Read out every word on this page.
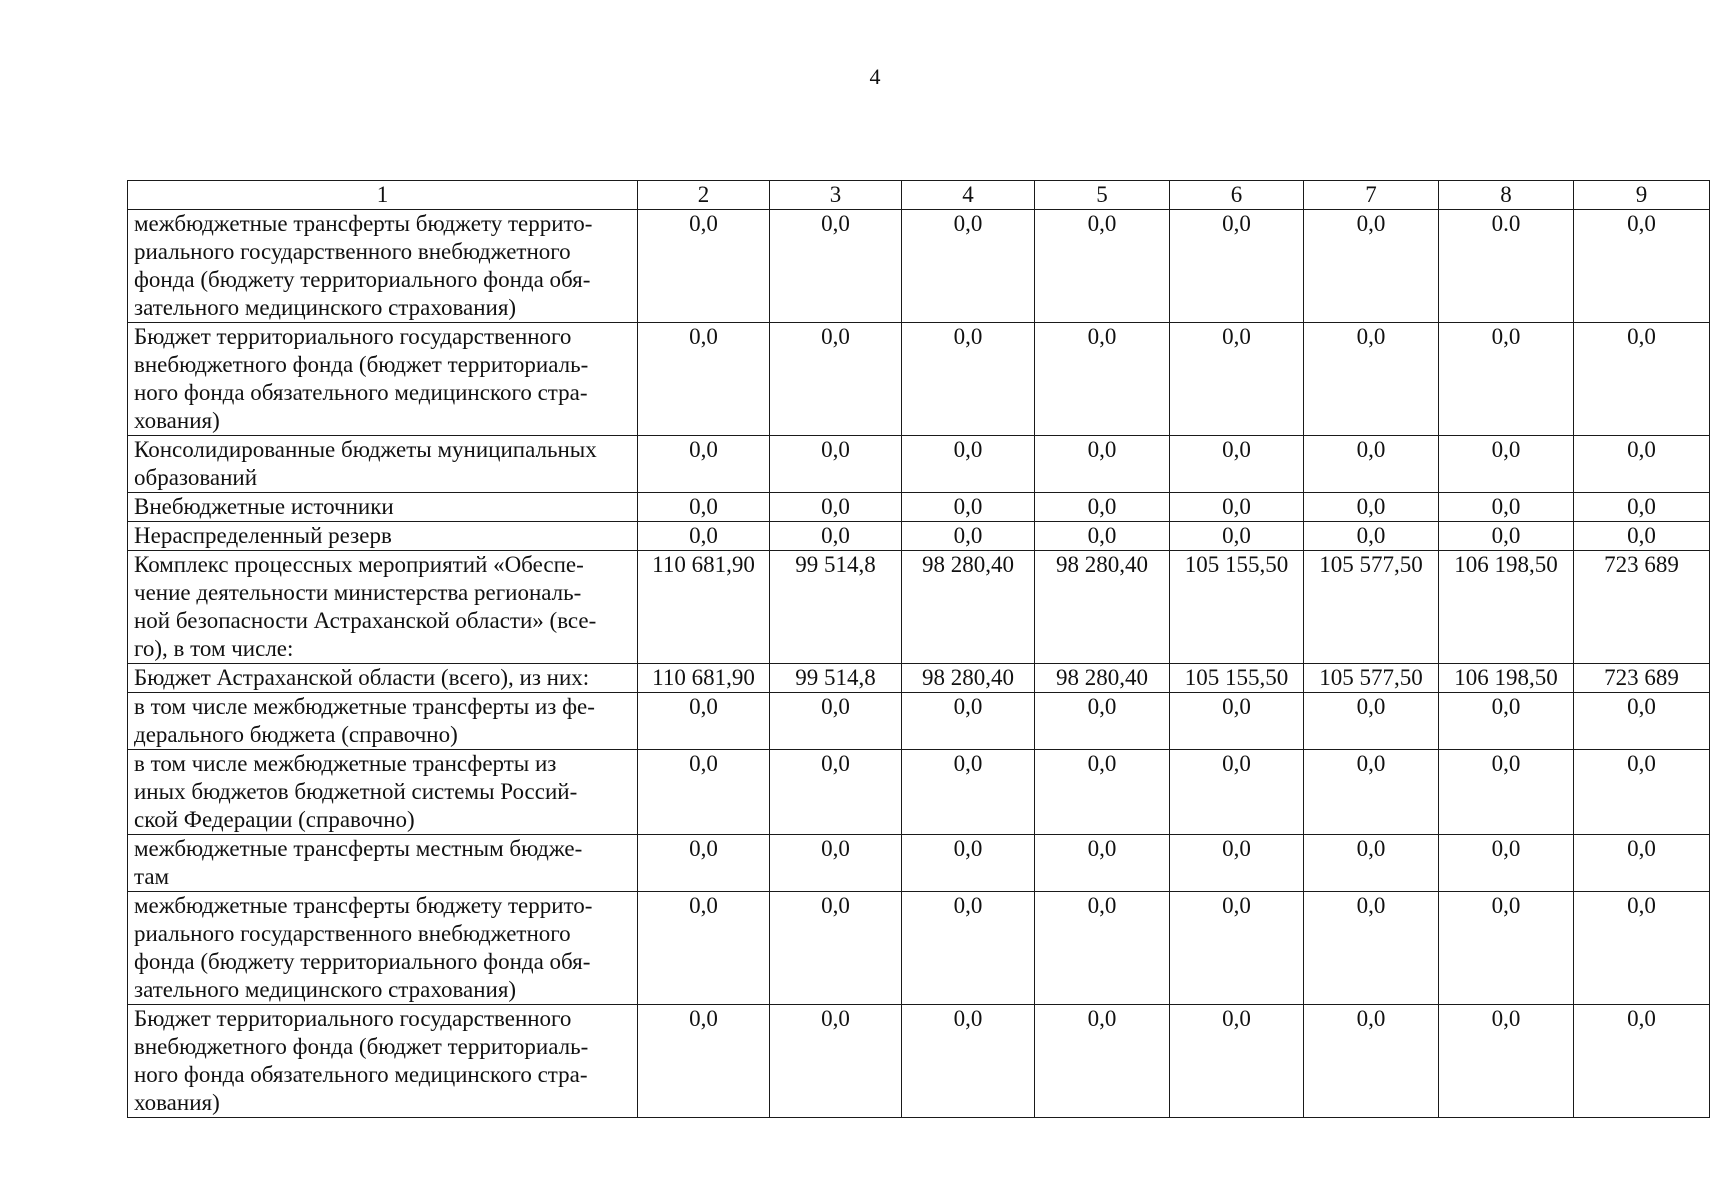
4
1	2	3	4	5	6	7	8	9
межбюджетные трансферты бюджету террито-
риального государственного внебюджетного
фонда (бюджету территориального фонда обя-
зательного медицинского страхования)	0,0	0,0	0,0	0,0	0,0	0,0	0.0	0,0
Бюджет территориального государственного
внебюджетного фонда (бюджет территориаль-
ного фонда обязательного медицинского стра-
хования)	0,0	0,0	0,0	0,0	0,0	0,0	0,0	0,0
Консолидированные бюджеты муниципальных
образований	0,0	0,0	0,0	0,0	0,0	0,0	0,0	0,0
Внебюджетные источники	0,0	0,0	0,0	0,0	0,0	0,0	0,0	0,0
Нераспределенный резерв	0,0	0,0	0,0	0,0	0,0	0,0	0,0	0,0
Комплекс процессных мероприятий «Обеспе-
чение деятельности министерства региональ-
ной безопасности Астраханской области» (все-
го), в том числе:	110 681,90	99 514,8	98 280,40	98 280,40	105 155,50	105 577,50	106 198,50	723 689
Бюджет Астраханской области (всего), из них:	110 681,90	99 514,8	98 280,40	98 280,40	105 155,50	105 577,50	106 198,50	723 689
в том числе межбюджетные трансферты из фе-
дерального бюджета (справочно)	0,0	0,0	0,0	0,0	0,0	0,0	0,0	0,0
в том числе межбюджетные трансферты из
иных бюджетов бюджетной системы Россий-
ской Федерации (справочно)	0,0	0,0	0,0	0,0	0,0	0,0	0,0	0,0
межбюджетные трансферты местным бюдже-
там	0,0	0,0	0,0	0,0	0,0	0,0	0,0	0,0
межбюджетные трансферты бюджету террито-
риального государственного внебюджетного
фонда (бюджету территориального фонда обя-
зательного медицинского страхования)	0,0	0,0	0,0	0,0	0,0	0,0	0,0	0,0
Бюджет территориального государственного
внебюджетного фонда (бюджет территориаль-
ного фонда обязательного медицинского стра-
хования)	0,0	0,0	0,0	0,0	0,0	0,0	0,0	0,0
